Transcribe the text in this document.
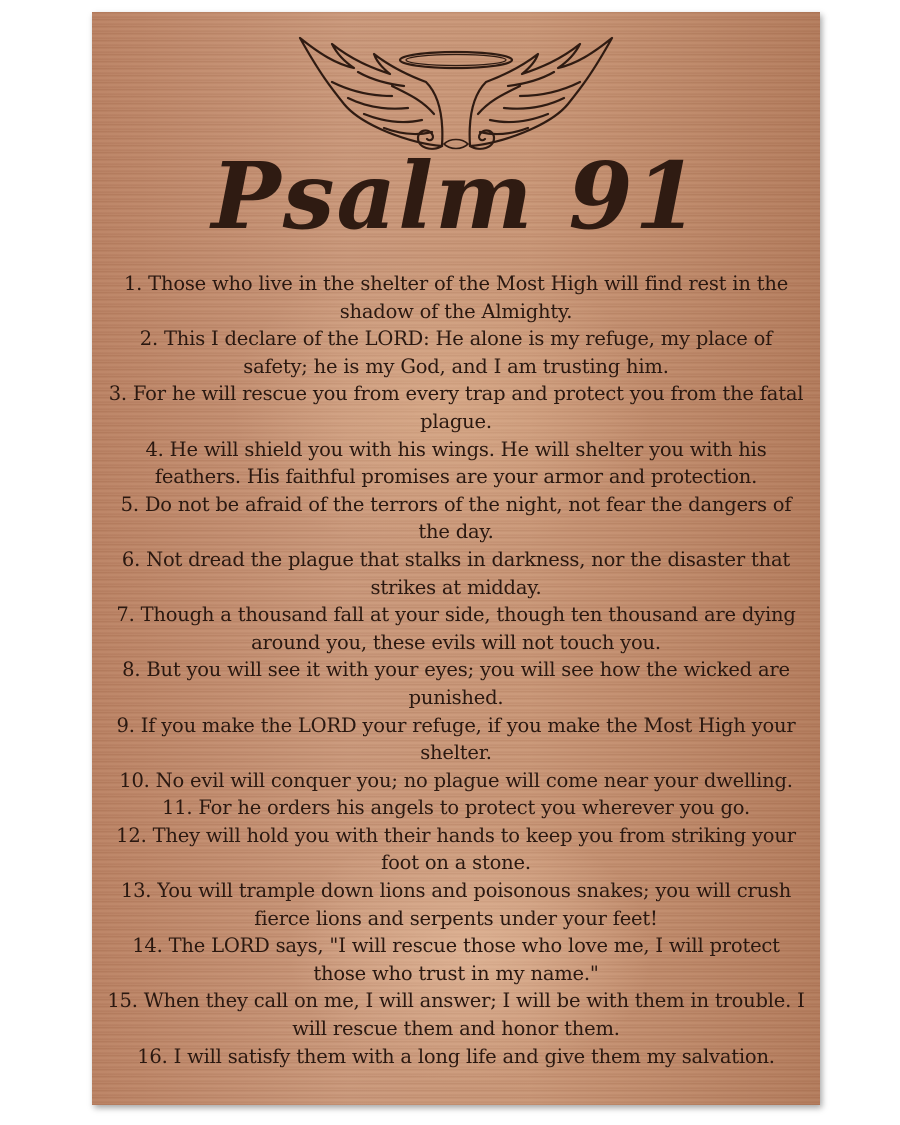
Psalm 91
1. Those who live in the shelter of the Most High will find rest in the shadow of the Almighty.
2. This I declare of the LORD: He alone is my refuge, my place of safety; he is my God, and I am trusting him.
3. For he will rescue you from every trap and protect you from the fatal plague.
4. He will shield you with his wings. He will shelter you with his feathers. His faithful promises are your armor and protection.
5. Do not be afraid of the terrors of the night, not fear the dangers of the day.
6. Not dread the plague that stalks in darkness, nor the disaster that strikes at midday.
7. Though a thousand fall at your side, though ten thousand are dying around you, these evils will not touch you.
8. But you will see it with your eyes; you will see how the wicked are punished.
9. If you make the LORD your refuge, if you make the Most High your shelter.
10. No evil will conquer you; no plague will come near your dwelling.
11. For he orders his angels to protect you wherever you go.
12. They will hold you with their hands to keep you from striking your foot on a stone.
13. You will trample down lions and poisonous snakes; you will crush fierce lions and serpents under your feet!
14. The LORD says, "I will rescue those who love me, I will protect those who trust in my name."
15. When they call on me, I will answer; I will be with them in trouble. I will rescue them and honor them.
16. I will satisfy them with a long life and give them my salvation.
